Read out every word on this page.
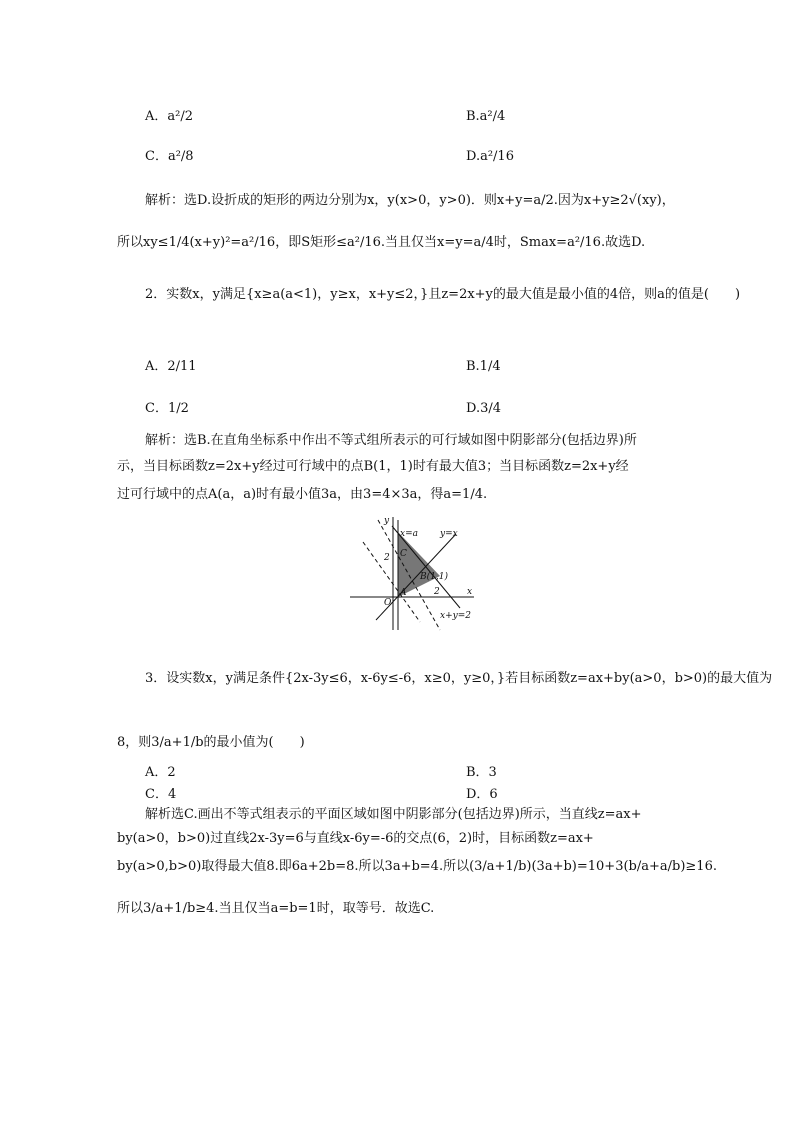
A．a²/2	B.a²/4
C．a²/8	D.a²/16
解析：选D.设折成的矩形的两边分别为x，y(x>0，y>0)．则x+y=a/2.因为x+y≥2√(xy)，
所以xy≤1/4(x+y)²=a²/16，即S矩形≤a²/16.当且仅当x=y=a/4时，Smax=a²/16.故选D.
2．实数x，y满足{x≥a(a<1)，y≥x，x+y≤2，}且z=2x+y的最大值是最小值的4倍，则a的值是(　　)
A．2/11	B.1/4
C．1/2	D.3/4
解析：选B.在直角坐标系中作出不等式组所表示的可行域如图中阴影部分(包括边界)所
示，当目标函数z=2x+y经过可行域中的点B(1，1)时有最大值3；当目标函数z=2x+y经
过可行域中的点A(a，a)时有最小值3a，由3=4×3a，得a=1/4.
y
x
x=a y=x
C
2
B(1,1)
A
O
2
x+y=2
3．设实数x，y满足条件{2x-3y≤6，x-6y≤-6，x≥0，y≥0，}若目标函数z=ax+by(a>0，b>0)的最大值为
8，则3/a+1/b的最小值为(　　)
A．2	B．3
C．4	D．6
解析选C.画出不等式组表示的平面区域如图中阴影部分(包括边界)所示，当直线z=ax+
by(a>0，b>0)过直线2x-3y=6与直线x-6y=-6的交点(6，2)时，目标函数z=ax+
by(a>0,b>0)取得最大值8.即6a+2b=8.所以3a+b=4.所以(3/a+1/b)(3a+b)=10+3(b/a+a/b)≥16.
所以3/a+1/b≥4.当且仅当a=b=1时，取等号．故选C.
